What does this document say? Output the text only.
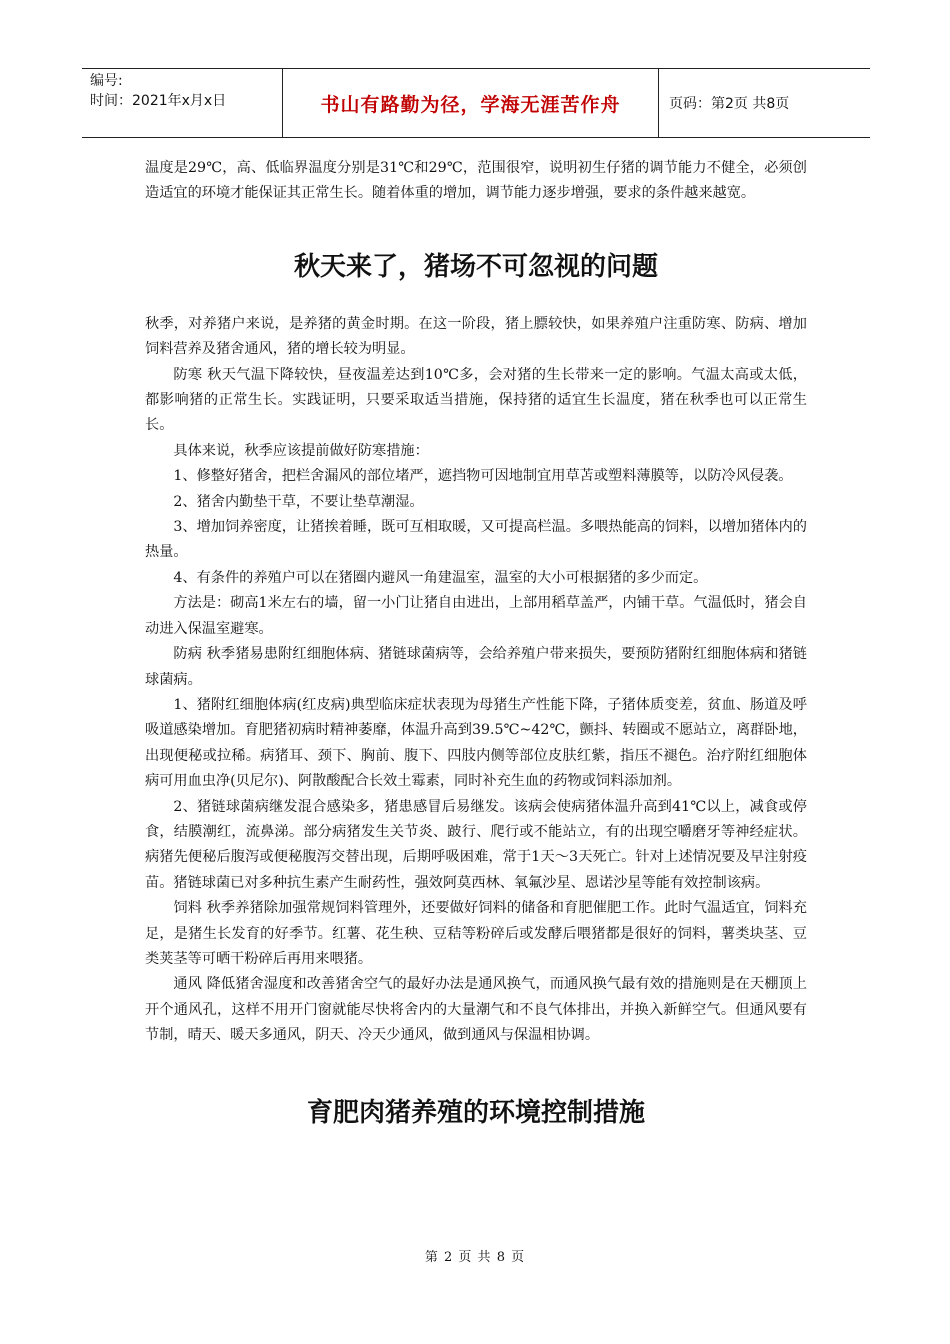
编号:
时间：2021年x月x日	书山有路勤为径，学海无涯苦作舟	页码：第2页 共8页

温度是29℃，高、低临界温度分别是31℃和29℃，范围很窄，说明初生仔猪的调节能力不健全，必须创造适宜的环境才能保证其正常生长。随着体重的增加，调节能力逐步增强，要求的条件越来越宽。

秋天来了，猪场不可忽视的问题

秋季，对养猪户来说，是养猪的黄金时期。在这一阶段，猪上膘较快，如果养殖户注重防寒、防病、增加饲料营养及猪舍通风，猪的增长较为明显。

防寒 秋天气温下降较快，昼夜温差达到10℃多，会对猪的生长带来一定的影响。气温太高或太低，都影响猪的正常生长。实践证明，只要采取适当措施，保持猪的适宜生长温度，猪在秋季也可以正常生长。

具体来说，秋季应该提前做好防寒措施：

1、修整好猪舍，把栏舍漏风的部位堵严，遮挡物可因地制宜用草苫或塑料薄膜等，以防冷风侵袭。

2、猪舍内勤垫干草，不要让垫草潮湿。

3、增加饲养密度，让猪挨着睡，既可互相取暖，又可提高栏温。多喂热能高的饲料，以增加猪体内的热量。

4、有条件的养殖户可以在猪圈内避风一角建温室，温室的大小可根据猪的多少而定。

方法是：砌高1米左右的墙，留一小门让猪自由进出，上部用稻草盖严，内铺干草。气温低时，猪会自动进入保温室避寒。

防病 秋季猪易患附红细胞体病、猪链球菌病等，会给养殖户带来损失，要预防猪附红细胞体病和猪链球菌病。

1、猪附红细胞体病(红皮病)典型临床症状表现为母猪生产性能下降，子猪体质变差，贫血、肠道及呼吸道感染增加。育肥猪初病时精神萎靡，体温升高到39.5℃~42℃，颤抖、转圈或不愿站立，离群卧地，出现便秘或拉稀。病猪耳、颈下、胸前、腹下、四肢内侧等部位皮肤红紫，指压不褪色。治疗附红细胞体病可用血虫净(贝尼尔)、阿散酸配合长效土霉素，同时补充生血的药物或饲料添加剂。

2、猪链球菌病继发混合感染多，猪患感冒后易继发。该病会使病猪体温升高到41℃以上，减食或停食，结膜潮红，流鼻涕。部分病猪发生关节炎、跛行、爬行或不能站立，有的出现空嚼磨牙等神经症状。病猪先便秘后腹泻或便秘腹泻交替出现，后期呼吸困难，常于1天～3天死亡。针对上述情况要及早注射疫苗。猪链球菌已对多种抗生素产生耐药性，强效阿莫西林、氧氟沙星、恩诺沙星等能有效控制该病。

饲料 秋季养猪除加强常规饲料管理外，还要做好饲料的储备和育肥催肥工作。此时气温适宜，饲料充足，是猪生长发育的好季节。红薯、花生秧、豆秸等粉碎后或发酵后喂猪都是很好的饲料，薯类块茎、豆类荚茎等可晒干粉碎后再用来喂猪。

通风 降低猪舍湿度和改善猪舍空气的最好办法是通风换气，而通风换气最有效的措施则是在天棚顶上开个通风孔，这样不用开门窗就能尽快将舍内的大量潮气和不良气体排出，并换入新鲜空气。但通风要有节制，晴天、暖天多通风，阴天、冷天少通风，做到通风与保温相协调。

育肥肉猪养殖的环境控制措施
第 2 页 共 8 页
